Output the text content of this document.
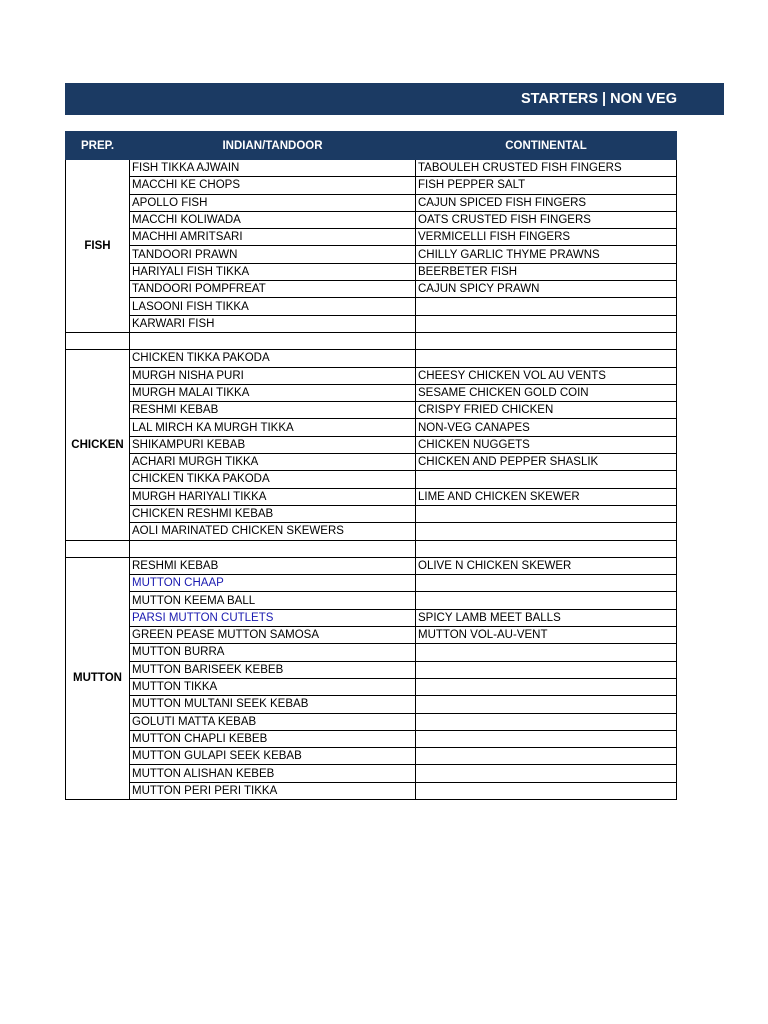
STARTERS | NON VEG
PREP.	INDIAN/TANDOOR	CONTINENTAL
FISH	FISH TIKKA AJWAIN	TABOULEH CRUSTED FISH FINGERS
	MACCHI KE CHOPS	FISH PEPPER SALT
	APOLLO FISH	CAJUN SPICED FISH FINGERS
	MACCHI KOLIWADA	OATS CRUSTED FISH FINGERS
	MACHHI AMRITSARI	VERMICELLI FISH FINGERS
	TANDOORI PRAWN	CHILLY GARLIC THYME PRAWNS
	HARIYALI FISH TIKKA	BEERBETER FISH
	TANDOORI POMPFREAT	CAJUN SPICY PRAWN
	LASOONI FISH TIKKA	
	KARWARI FISH	

CHICKEN	CHICKEN TIKKA PAKODA	
	MURGH NISHA PURI	CHEESY CHICKEN VOL AU VENTS
	MURGH MALAI TIKKA	SESAME CHICKEN GOLD COIN
	RESHMI KEBAB	CRISPY FRIED CHICKEN
	LAL MIRCH KA MURGH TIKKA	NON-VEG CANAPES
	SHIKAMPURI KEBAB	CHICKEN NUGGETS
	ACHARI MURGH TIKKA	CHICKEN AND PEPPER SHASLIK
	CHICKEN TIKKA PAKODA	
	MURGH HARIYALI TIKKA	LIME AND CHICKEN SKEWER
	CHICKEN RESHMI KEBAB	
	AOLI MARINATED CHICKEN SKEWERS	

MUTTON	RESHMI KEBAB	OLIVE N CHICKEN SKEWER
	MUTTON CHAAP	
	MUTTON KEEMA BALL	
	PARSI MUTTON CUTLETS	SPICY LAMB MEET BALLS
	GREEN PEASE MUTTON SAMOSA	MUTTON VOL-AU-VENT
	MUTTON BURRA	
	MUTTON BARISEEK KEBEB	
	MUTTON TIKKA	
	MUTTON MULTANI SEEK KEBAB	
	GOLUTI MATTA KEBAB	
	MUTTON CHAPLI KEBEB	
	MUTTON GULAPI SEEK KEBAB	
	MUTTON ALISHAN KEBEB	
	MUTTON PERI PERI TIKKA	
